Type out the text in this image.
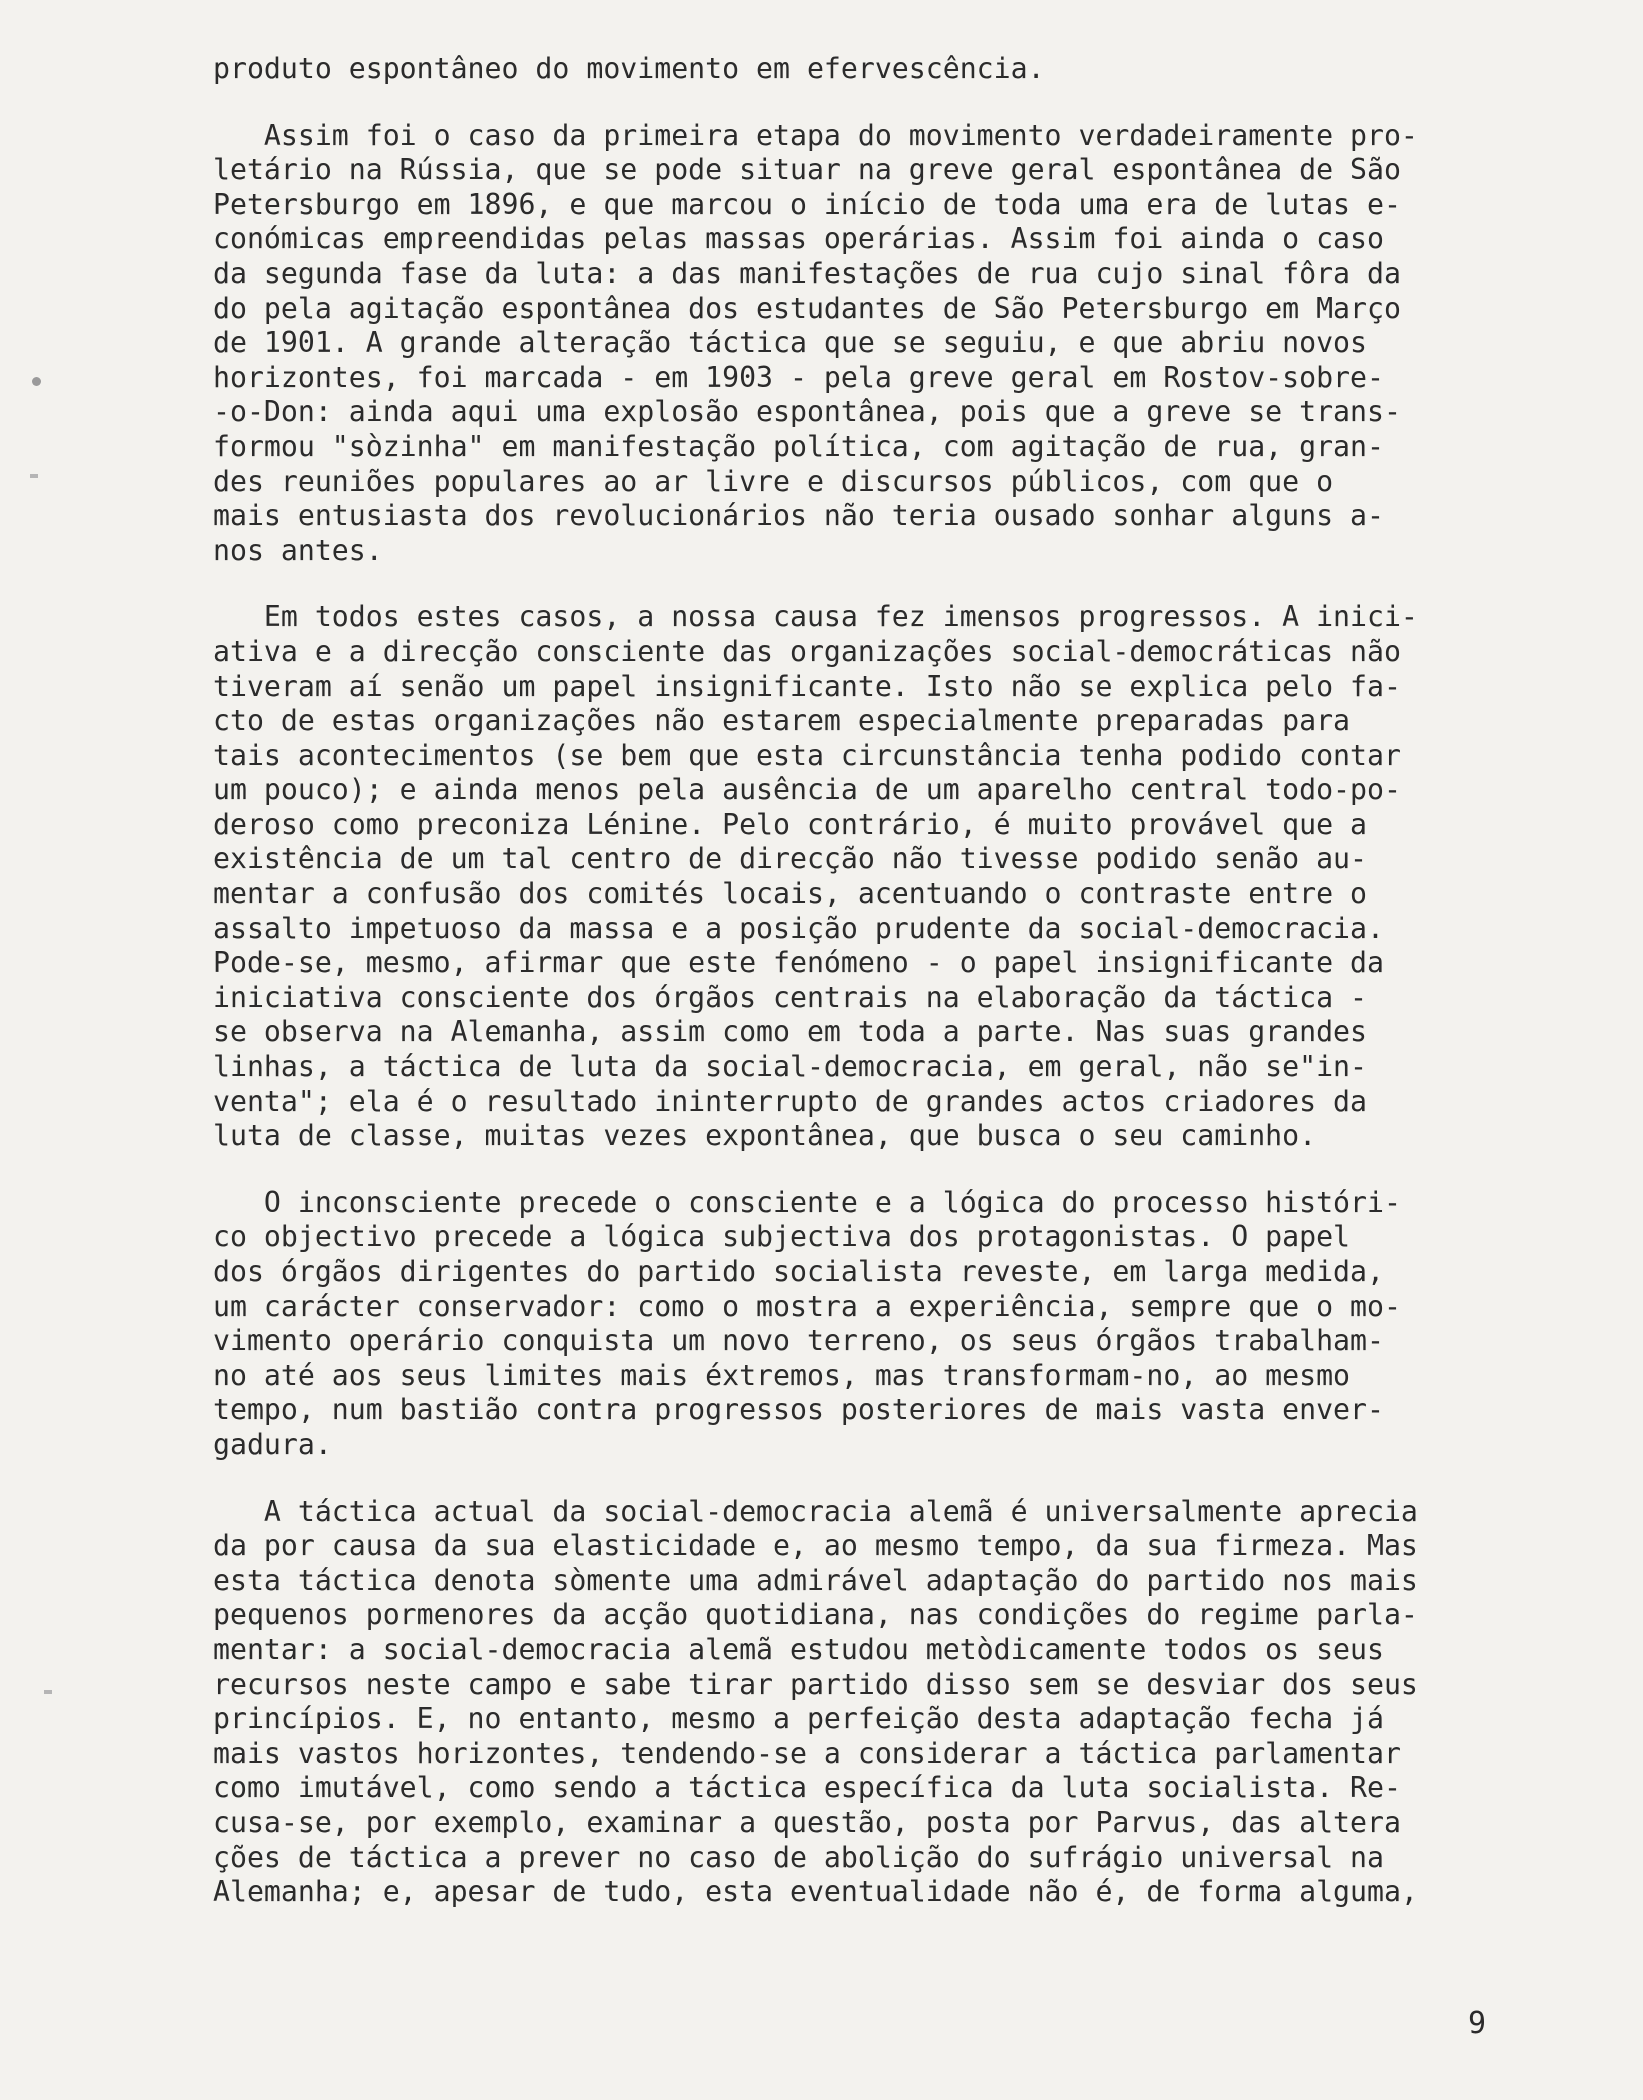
produto espontâneo do movimento em efervescência.
Assim foi o caso da primeira etapa do movimento verdadeiramente pro-
letário na Rússia, que se pode situar na greve geral espontânea de São
Petersburgo em 1896, e que marcou o início de toda uma era de lutas e-
conómicas empreendidas pelas massas operárias. Assim foi ainda o caso
da segunda fase da luta: a das manifestações de rua cujo sinal fôra da
do pela agitação espontânea dos estudantes de São Petersburgo em Março
de 1901. A grande alteração táctica que se seguiu, e que abriu novos
horizontes, foi marcada - em 1903 - pela greve geral em Rostov-sobre-
-o-Don: ainda aqui uma explosão espontânea, pois que a greve se trans-
formou "sòzinha" em manifestação política, com agitação de rua, gran-
des reuniões populares ao ar livre e discursos públicos, com que o
mais entusiasta dos revolucionários não teria ousado sonhar alguns a-
nos antes.
Em todos estes casos, a nossa causa fez imensos progressos. A inici-
ativa e a direcção consciente das organizações social-democráticas não
tiveram aí senão um papel insignificante. Isto não se explica pelo fa-
cto de estas organizações não estarem especialmente preparadas para
tais acontecimentos (se bem que esta circunstância tenha podido contar
um pouco); e ainda menos pela ausência de um aparelho central todo-po-
deroso como preconiza Lénine. Pelo contrário, é muito provável que a
existência de um tal centro de direcção não tivesse podido senão au-
mentar a confusão dos comités locais, acentuando o contraste entre o
assalto impetuoso da massa e a posição prudente da social-democracia.
Pode-se, mesmo, afirmar que este fenómeno - o papel insignificante da
iniciativa consciente dos órgãos centrais na elaboração da táctica -
se observa na Alemanha, assim como em toda a parte. Nas suas grandes
linhas, a táctica de luta da social-democracia, em geral, não se"in-
venta"; ela é o resultado ininterrupto de grandes actos criadores da
luta de classe, muitas vezes expontânea, que busca o seu caminho.
O inconsciente precede o consciente e a lógica do processo históri-
co objectivo precede a lógica subjectiva dos protagonistas. O papel
dos órgãos dirigentes do partido socialista reveste, em larga medida,
um carácter conservador: como o mostra a experiência, sempre que o mo-
vimento operário conquista um novo terreno, os seus órgãos trabalham-
no até aos seus limites mais éxtremos, mas transformam-no, ao mesmo
tempo, num bastião contra progressos posteriores de mais vasta enver-
gadura.
A táctica actual da social-democracia alemã é universalmente aprecia
da por causa da sua elasticidade e, ao mesmo tempo, da sua firmeza. Mas
esta táctica denota sòmente uma admirável adaptação do partido nos mais
pequenos pormenores da acção quotidiana, nas condições do regime parla-
mentar: a social-democracia alemã estudou metòdicamente todos os seus
recursos neste campo e sabe tirar partido disso sem se desviar dos seus
princípios. E, no entanto, mesmo a perfeição desta adaptação fecha já
mais vastos horizontes, tendendo-se a considerar a táctica parlamentar
como imutável, como sendo a táctica específica da luta socialista. Re-
cusa-se, por exemplo, examinar a questão, posta por Parvus, das altera
ções de táctica a prever no caso de abolição do sufrágio universal na
Alemanha; e, apesar de tudo, esta eventualidade não é, de forma alguma,
9
